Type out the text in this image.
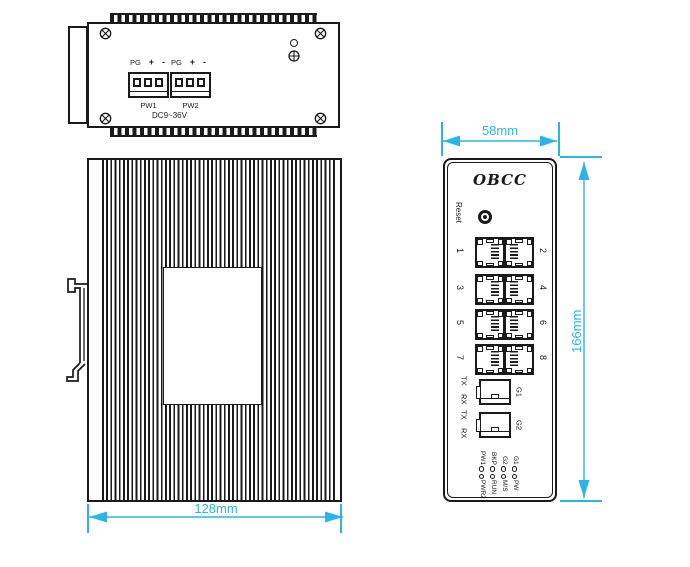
PG + - PG + -
PW1	PW2
DC9~36V
128mm
OBCC
Reset
1	2
3	4
5	6
7	8
TX
RX
G1
TX
RX
G2
PW1
PWR2
BKP
RUN
G2
M/S
G1
PW
58mm
166mm
